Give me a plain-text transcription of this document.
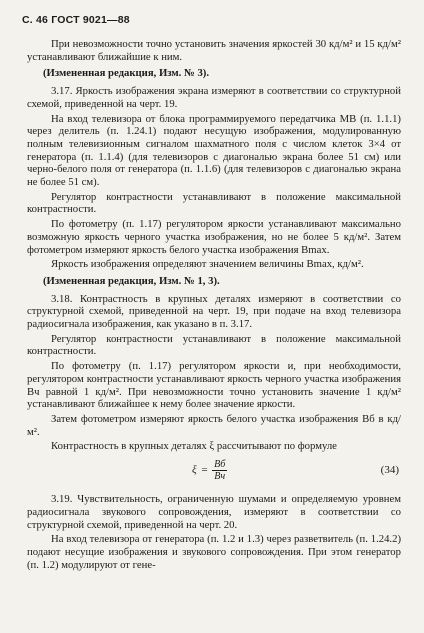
С. 46 ГОСТ 9021—88

При невозможности точно установить значения яркостей 30 кд/м² и 15 кд/м² устанавливают ближайшие к ним.

(Измененная редакция, Изм. № 3).

3.17. Яркость изображения экрана измеряют в соответствии со структурной схемой, приведенной на черт. 19.

На вход телевизора от блока программируемого передатчика МВ (п. 1.1.1) через делитель (п. 1.24.1) подают несущую изображения, модулированную полным телевизионным сигналом шахматного поля с числом клеток 3×4 от генератора (п. 1.1.4) (для телевизоров с диагональю экрана более 51 см) или черно-белого поля от генератора (п. 1.1.6) (для телевизоров с диагональю экрана не более 51 см).

Регулятор контрастности устанавливают в положение максимальной контрастности.

По фотометру (п. 1.17) регулятором яркости устанавливают максимально возможную яркость черного участка изображения, но не более 5 кд/м². Затем фотометром измеряют яркость белого участка изображения Bmax.

Яркость изображения определяют значением величины Bmax, кд/м².

(Измененная редакция, Изм. № 1, 3).

3.18. Контрастность в крупных деталях измеряют в соответствии со структурной схемой, приведенной на черт. 19, при подаче на вход телевизора радиосигнала изображения, как указано в п. 3.17.

Регулятор контрастности устанавливают в положение максимальной контрастности.

По фотометру (п. 1.17) регулятором яркости и, при необходимости, регулятором контрастности устанавливают яркость черного участка изображения Bч равной 1 кд/м². При невозможности точно установить значение 1 кд/м² устанавливают ближайшее к нему более значение яркости.

Затем фотометром измеряют яркость белого участка изображения Bб в кд/м².

Контрастность в крупных деталях ξ рассчитывают по формуле

$\xi = \frac{Bб}{Bч}$	(34)

3.19. Чувствительность, ограниченную шумами и определяемую уровнем радиосигнала звукового сопровождения, измеряют в соответствии со структурной схемой, приведенной на черт. 20.

На вход телевизора от генератора (п. 1.2 и 1.3) через разветвитель (п. 1.24.2) подают несущие изображения и звукового сопровождения. При этом генератор (п. 1.2) модулируют от гене-
